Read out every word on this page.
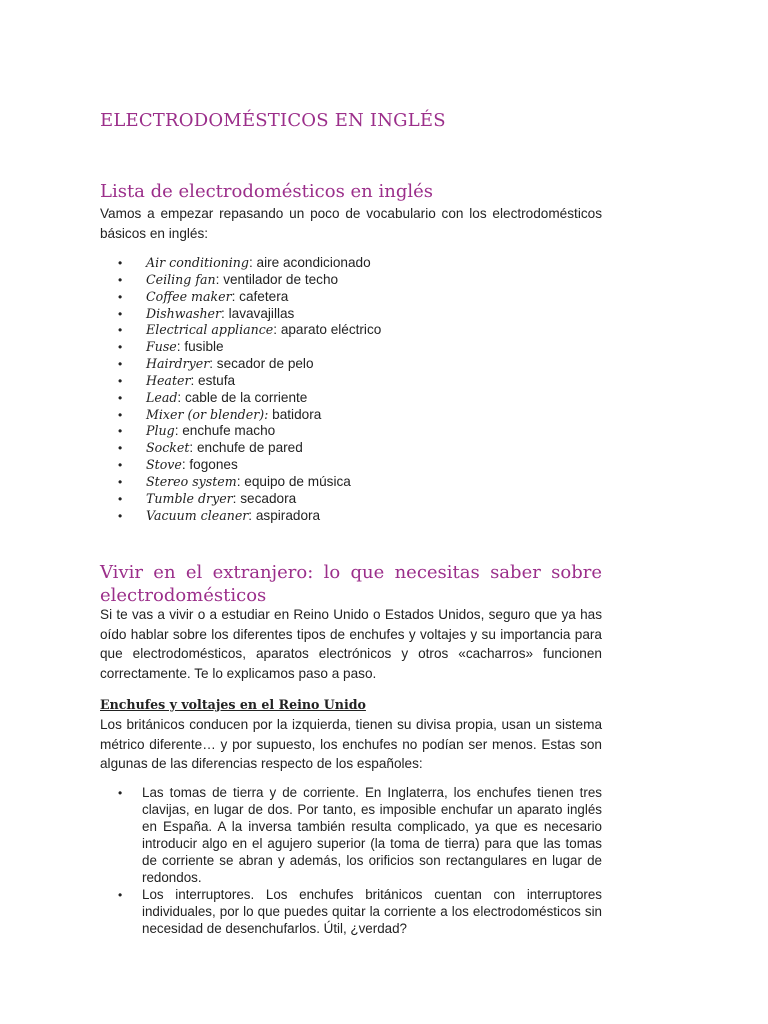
ELECTRODOMÉSTICOS EN INGLÉS
Lista de electrodomésticos en inglés

Vamos a empezar repasando un poco de vocabulario con los electrodomésticos básicos en inglés:

• Air conditioning: aire acondicionado
• Ceiling fan: ventilador de techo
• Coffee maker: cafetera
• Dishwasher: lavavajillas
• Electrical appliance: aparato eléctrico
• Fuse: fusible
• Hairdryer: secador de pelo
• Heater: estufa
• Lead: cable de la corriente
• Mixer (or blender): batidora
• Plug: enchufe macho
• Socket: enchufe de pared
• Stove: fogones
• Stereo system: equipo de música
• Tumble dryer: secadora
• Vacuum cleaner: aspiradora
Vivir en el extranjero: lo que necesitas saber sobre
electrodomésticos

Si te vas a vivir o a estudiar en Reino Unido o Estados Unidos, seguro que ya has oído hablar sobre los diferentes tipos de enchufes y voltajes y su importancia para que electrodomésticos, aparatos electrónicos y otros «cacharros» funcionen correctamente. Te lo explicamos paso a paso.

Enchufes y voltajes en el Reino Unido

Los británicos conducen por la izquierda, tienen su divisa propia, usan un sistema métrico diferente… y por supuesto, los enchufes no podían ser menos. Estas son algunas de las diferencias respecto de los españoles:

• Las tomas de tierra y de corriente. En Inglaterra, los enchufes tienen tres clavijas, en lugar de dos. Por tanto, es imposible enchufar un aparato inglés en España. A la inversa también resulta complicado, ya que es necesario introducir algo en el agujero superior (la toma de tierra) para que las tomas de corriente se abran y además, los orificios son rectangulares en lugar de redondos.
• Los interruptores. Los enchufes británicos cuentan con interruptores individuales, por lo que puedes quitar la corriente a los electrodomésticos sin necesidad de desenchufarlos. Útil, ¿verdad?
